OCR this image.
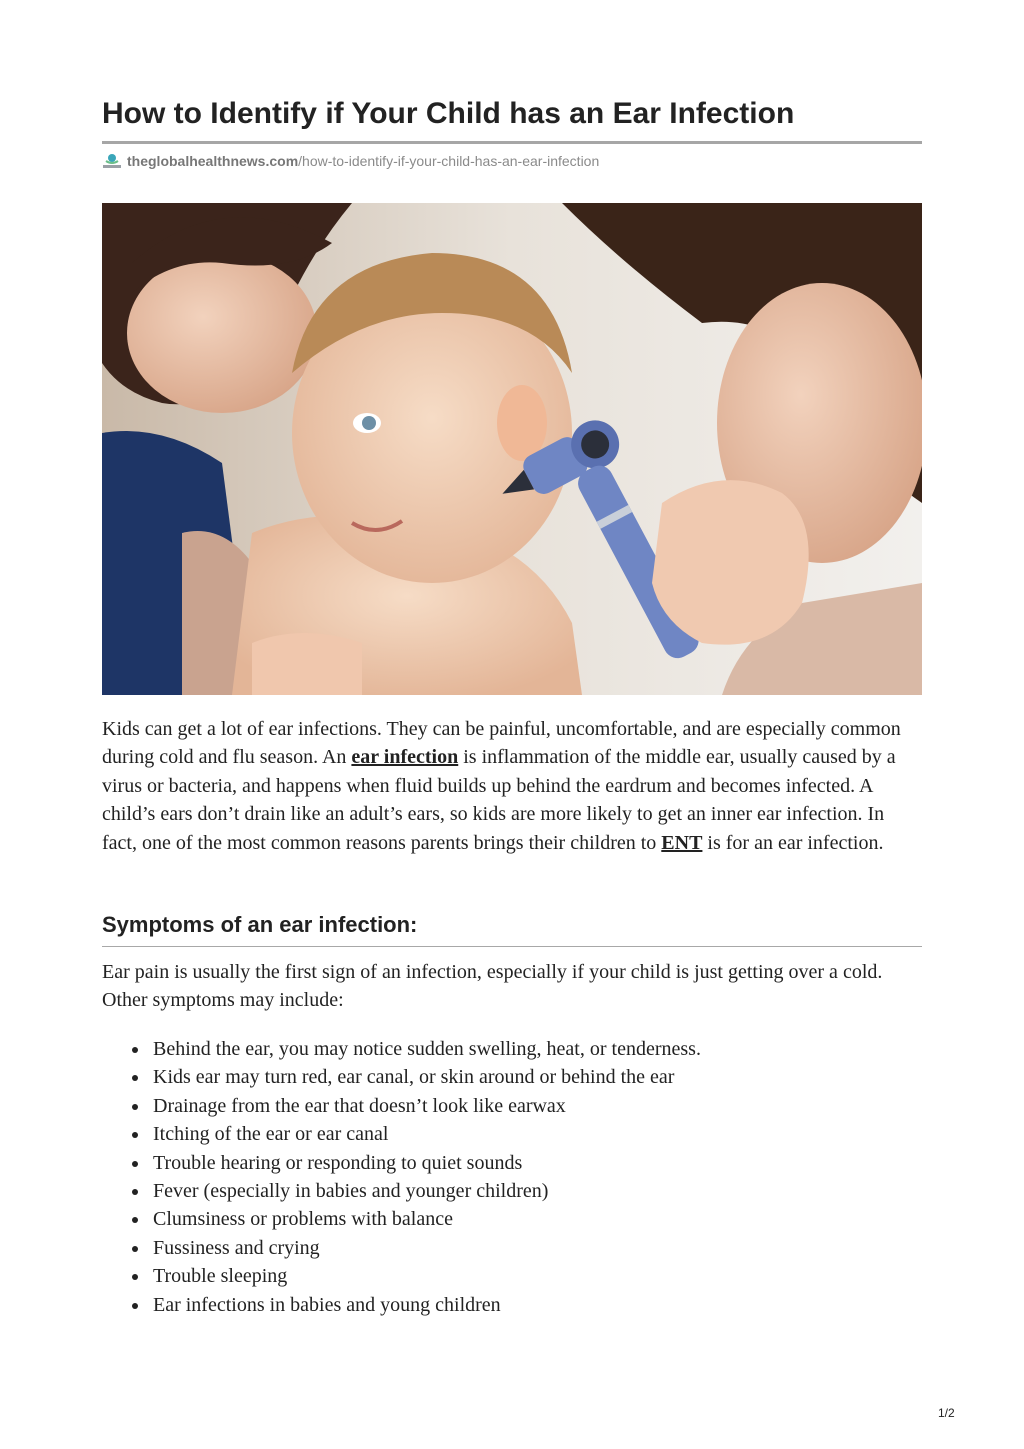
How to Identify if Your Child has an Ear Infection
theglobalhealthnews.com /how-to-identify-if-your-child-has-an-ear-infection
Kids can get a lot of ear infections. They can be painful, uncomfortable, and are especially common during cold and flu season. An ear infection is inflammation of the middle ear, usually caused by a virus or bacteria, and happens when fluid builds up behind the eardrum and becomes infected. A child’s ears don’t drain like an adult’s ears, so kids are more likely to get an inner ear infection. In fact, one of the most common reasons parents brings their children to ENT is for an ear infection.
Symptoms of an ear infection:
Ear pain is usually the first sign of an infection, especially if your child is just getting over a cold. Other symptoms may include:
Behind the ear, you may notice sudden swelling, heat, or tenderness.
Kids ear may turn red, ear canal, or skin around or behind the ear
Drainage from the ear that doesn’t look like earwax
Itching of the ear or ear canal
Trouble hearing or responding to quiet sounds
Fever (especially in babies and younger children)
Clumsiness or problems with balance
Fussiness and crying
Trouble sleeping
Ear infections in babies and young children
1/2
